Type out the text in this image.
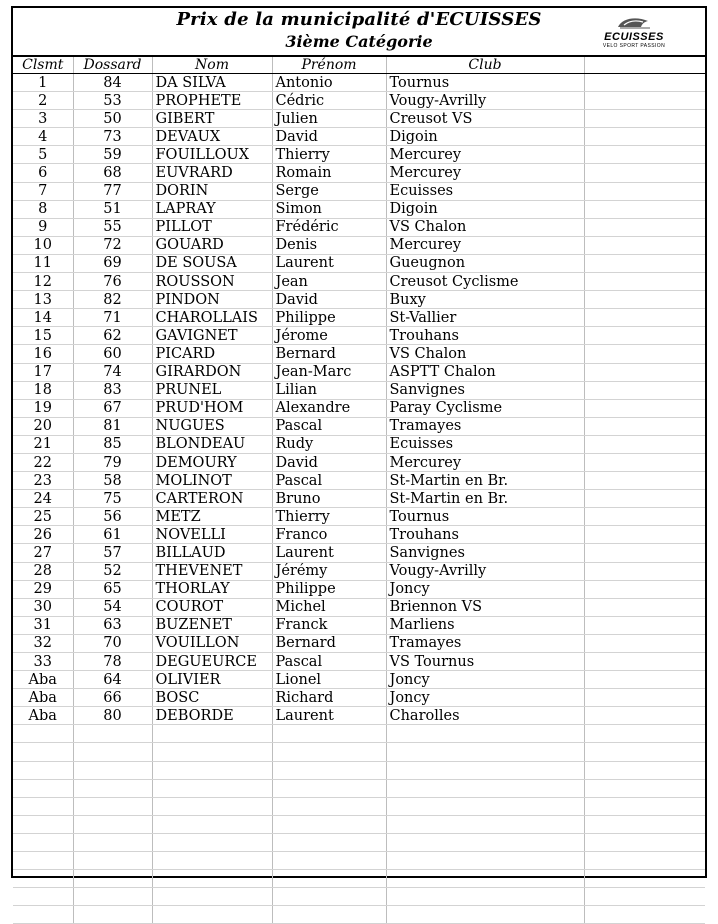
Prix de la municipalité d'ECUISSES
3ième Catégorie	ECUISSES
VELO SPORT PASSION
Clsmt	Dossard	Nom	Prénom	Club	
1	84	DA SILVA	Antonio	Tournus	
2	53	PROPHETE	Cédric	Vougy-Avrilly	
3	50	GIBERT	Julien	Creusot VS	
4	73	DEVAUX	David	Digoin	
5	59	FOUILLOUX	Thierry	Mercurey	
6	68	EUVRARD	Romain	Mercurey	
7	77	DORIN	Serge	Ecuisses	
8	51	LAPRAY	Simon	Digoin	
9	55	PILLOT	Frédéric	VS Chalon	
10	72	GOUARD	Denis	Mercurey	
11	69	DE SOUSA	Laurent	Gueugnon	
12	76	ROUSSON	Jean	Creusot Cyclisme	
13	82	PINDON	David	Buxy	
14	71	CHAROLLAIS	Philippe	St-Vallier	
15	62	GAVIGNET	Jérome	Trouhans	
16	60	PICARD	Bernard	VS Chalon	
17	74	GIRARDON	Jean-Marc	ASPTT Chalon	
18	83	PRUNEL	Lilian	Sanvignes	
19	67	PRUD'HOM	Alexandre	Paray Cyclisme	
20	81	NUGUES	Pascal	Tramayes	
21	85	BLONDEAU	Rudy	Ecuisses	
22	79	DEMOURY	David	Mercurey	
23	58	MOLINOT	Pascal	St-Martin en Br.	
24	75	CARTERON	Bruno	St-Martin en Br.	
25	56	METZ	Thierry	Tournus	
26	61	NOVELLI	Franco	Trouhans	
27	57	BILLAUD	Laurent	Sanvignes	
28	52	THEVENET	Jérémy	Vougy-Avrilly	
29	65	THORLAY	Philippe	Joncy	
30	54	COUROT	Michel	Briennon VS	
31	63	BUZENET	Franck	Marliens	
32	70	VOUILLON	Bernard	Tramayes	
33	78	DEGUEURCE	Pascal	VS Tournus	
Aba	64	OLIVIER	Lionel	Joncy	
Aba	66	BOSC	Richard	Joncy	
Aba	80	DEBORDE	Laurent	Charolles	
